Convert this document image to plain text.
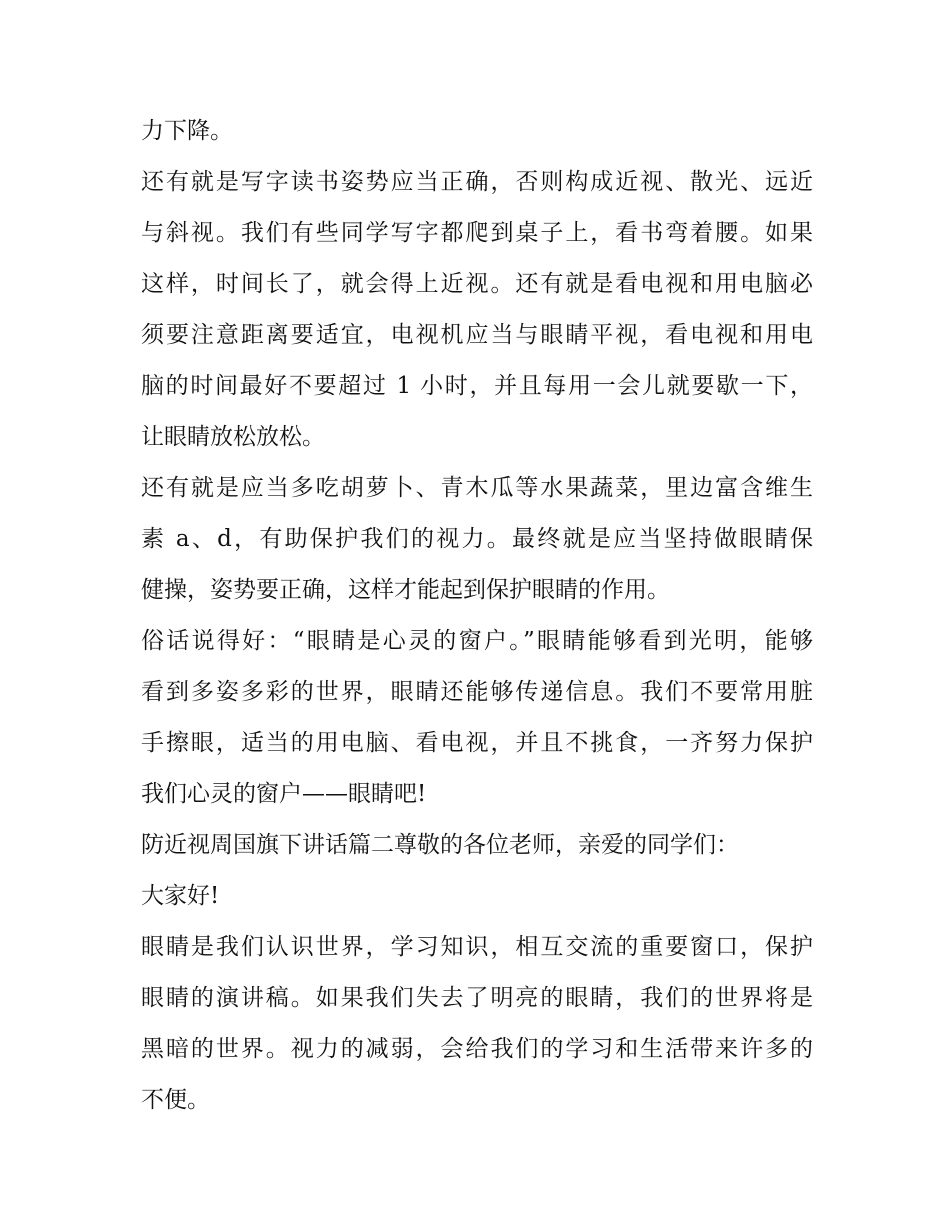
力下降。
还有就是写字读书姿势应当正确，否则构成近视、散光、远近
与斜视。我们有些同学写字都爬到桌子上，看书弯着腰。如果
这样，时间长了，就会得上近视。还有就是看电视和用电脑必
须要注意距离要适宜，电视机应当与眼睛平视，看电视和用电
脑的时间最好不要超过 1 小时，并且每用一会儿就要歇一下，
让眼睛放松放松。
还有就是应当多吃胡萝卜、青木瓜等水果蔬菜，里边富含维生
素 a、d，有助保护我们的视力。最终就是应当坚持做眼睛保
健操，姿势要正确，这样才能起到保护眼睛的作用。
俗话说得好：“眼睛是心灵的窗户。”眼睛能够看到光明，能够
看到多姿多彩的世界，眼睛还能够传递信息。我们不要常用脏
手擦眼，适当的用电脑、看电视，并且不挑食，一齐努力保护
我们心灵的窗户——眼睛吧!
防近视周国旗下讲话篇二尊敬的各位老师，亲爱的同学们：
大家好!
眼睛是我们认识世界，学习知识，相互交流的重要窗口，保护
眼睛的演讲稿。如果我们失去了明亮的眼睛，我们的世界将是
黑暗的世界。视力的减弱，会给我们的学习和生活带来许多的
不便。
